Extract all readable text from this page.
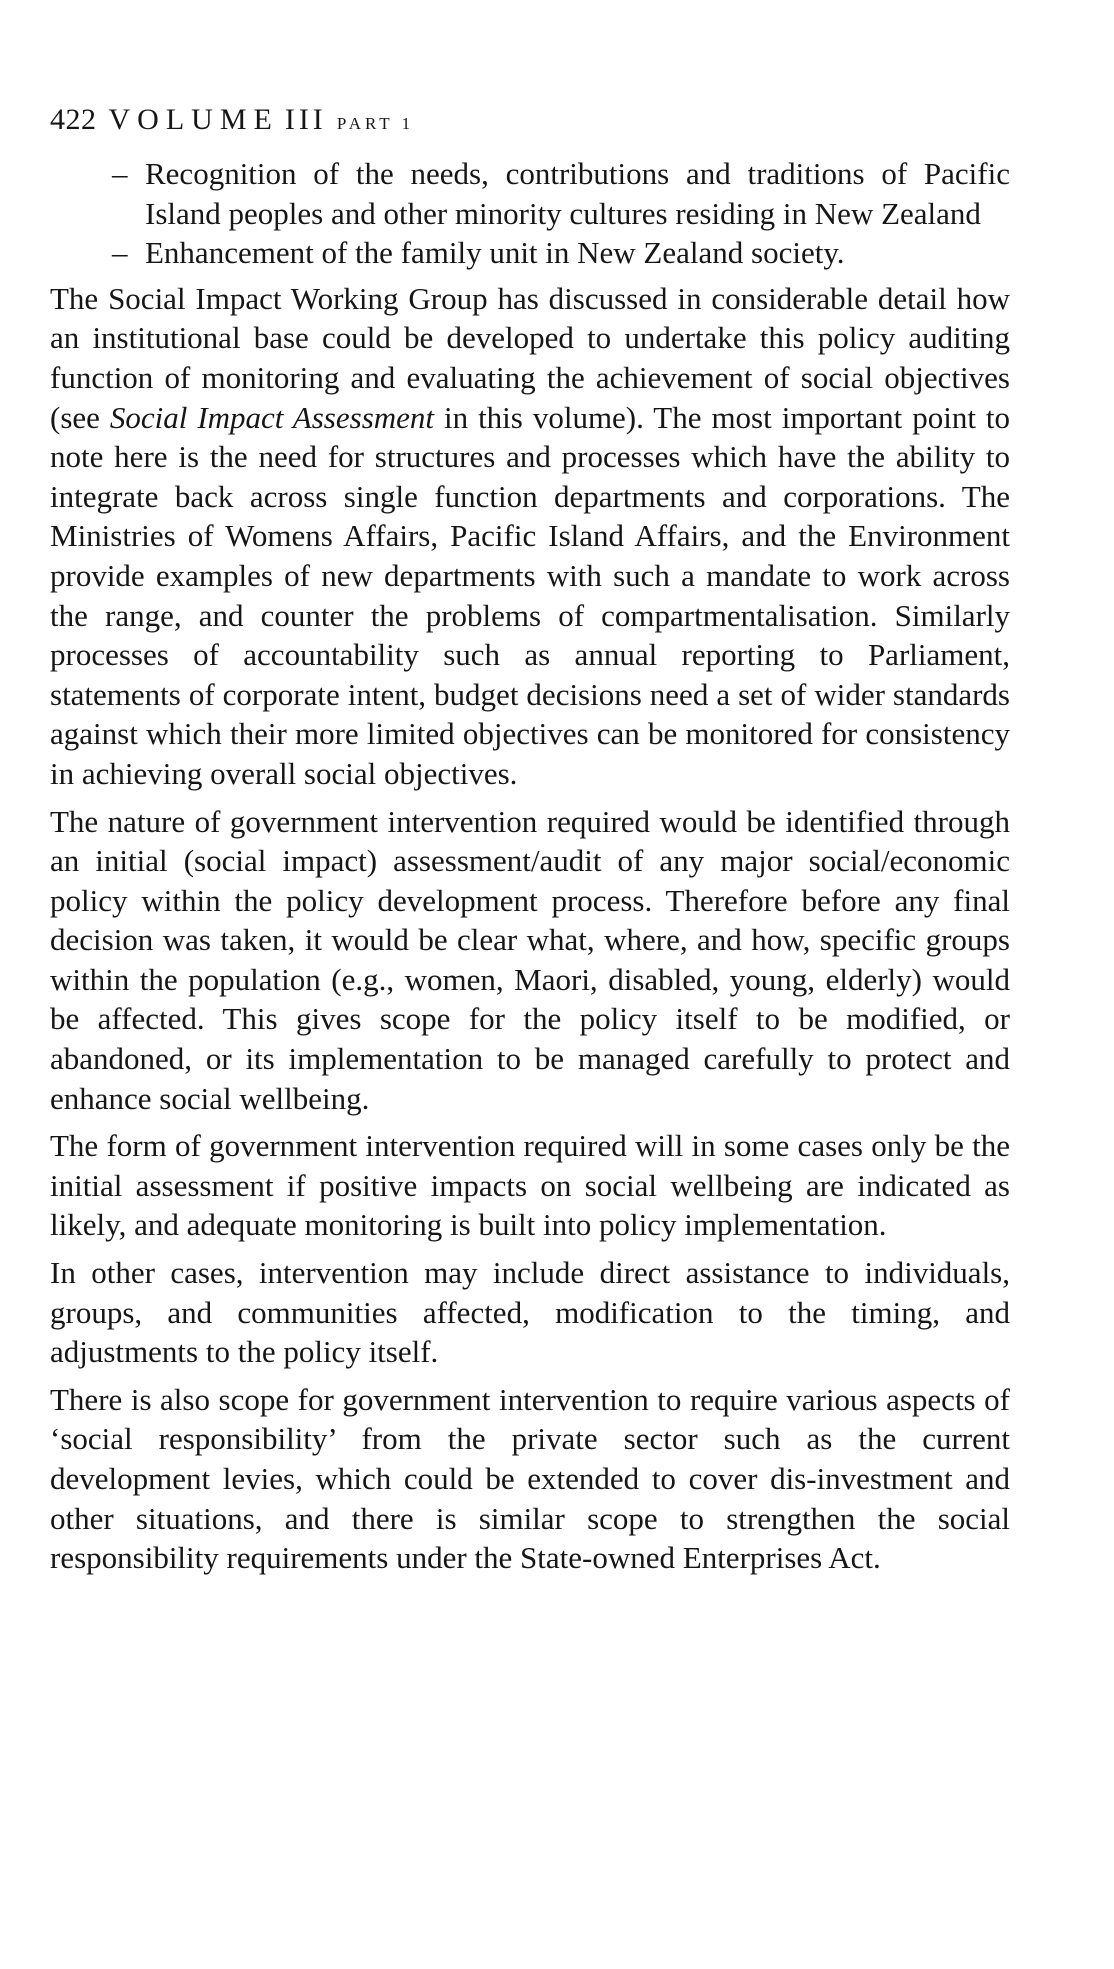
422 VOLUME III PART 1
– Recognition of the needs, contributions and traditions of Pacific Island peoples and other minority cultures residing in New Zealand
– Enhancement of the family unit in New Zealand society.

The Social Impact Working Group has discussed in considerable detail how an institutional base could be developed to undertake this policy auditing function of monitoring and evaluating the achievement of social objectives (see Social Impact Assessment in this volume). The most important point to note here is the need for structures and processes which have the ability to integrate back across single function departments and corporations. The Ministries of Womens Affairs, Pacific Island Affairs, and the Environment provide examples of new departments with such a mandate to work across the range, and counter the problems of compartmentalisation. Similarly processes of accountability such as annual reporting to Parliament, statements of corporate intent, budget decisions need a set of wider standards against which their more limited objectives can be monitored for consistency in achieving overall social objectives.

The nature of government intervention required would be identified through an initial (social impact) assessment/audit of any major social/economic policy within the policy development process. Therefore before any final decision was taken, it would be clear what, where, and how, specific groups within the population (e.g., women, Maori, disabled, young, elderly) would be affected. This gives scope for the policy itself to be modified, or abandoned, or its implementation to be managed carefully to protect and enhance social wellbeing.

The form of government intervention required will in some cases only be the initial assessment if positive impacts on social wellbeing are indicated as likely, and adequate monitoring is built into policy implementation.

In other cases, intervention may include direct assistance to individuals, groups, and communities affected, modification to the timing, and adjustments to the policy itself.

There is also scope for government intervention to require various aspects of ‘social responsibility’ from the private sector such as the current development levies, which could be extended to cover dis-investment and other situations, and there is similar scope to strengthen the social responsibility requirements under the State-owned Enterprises Act.
